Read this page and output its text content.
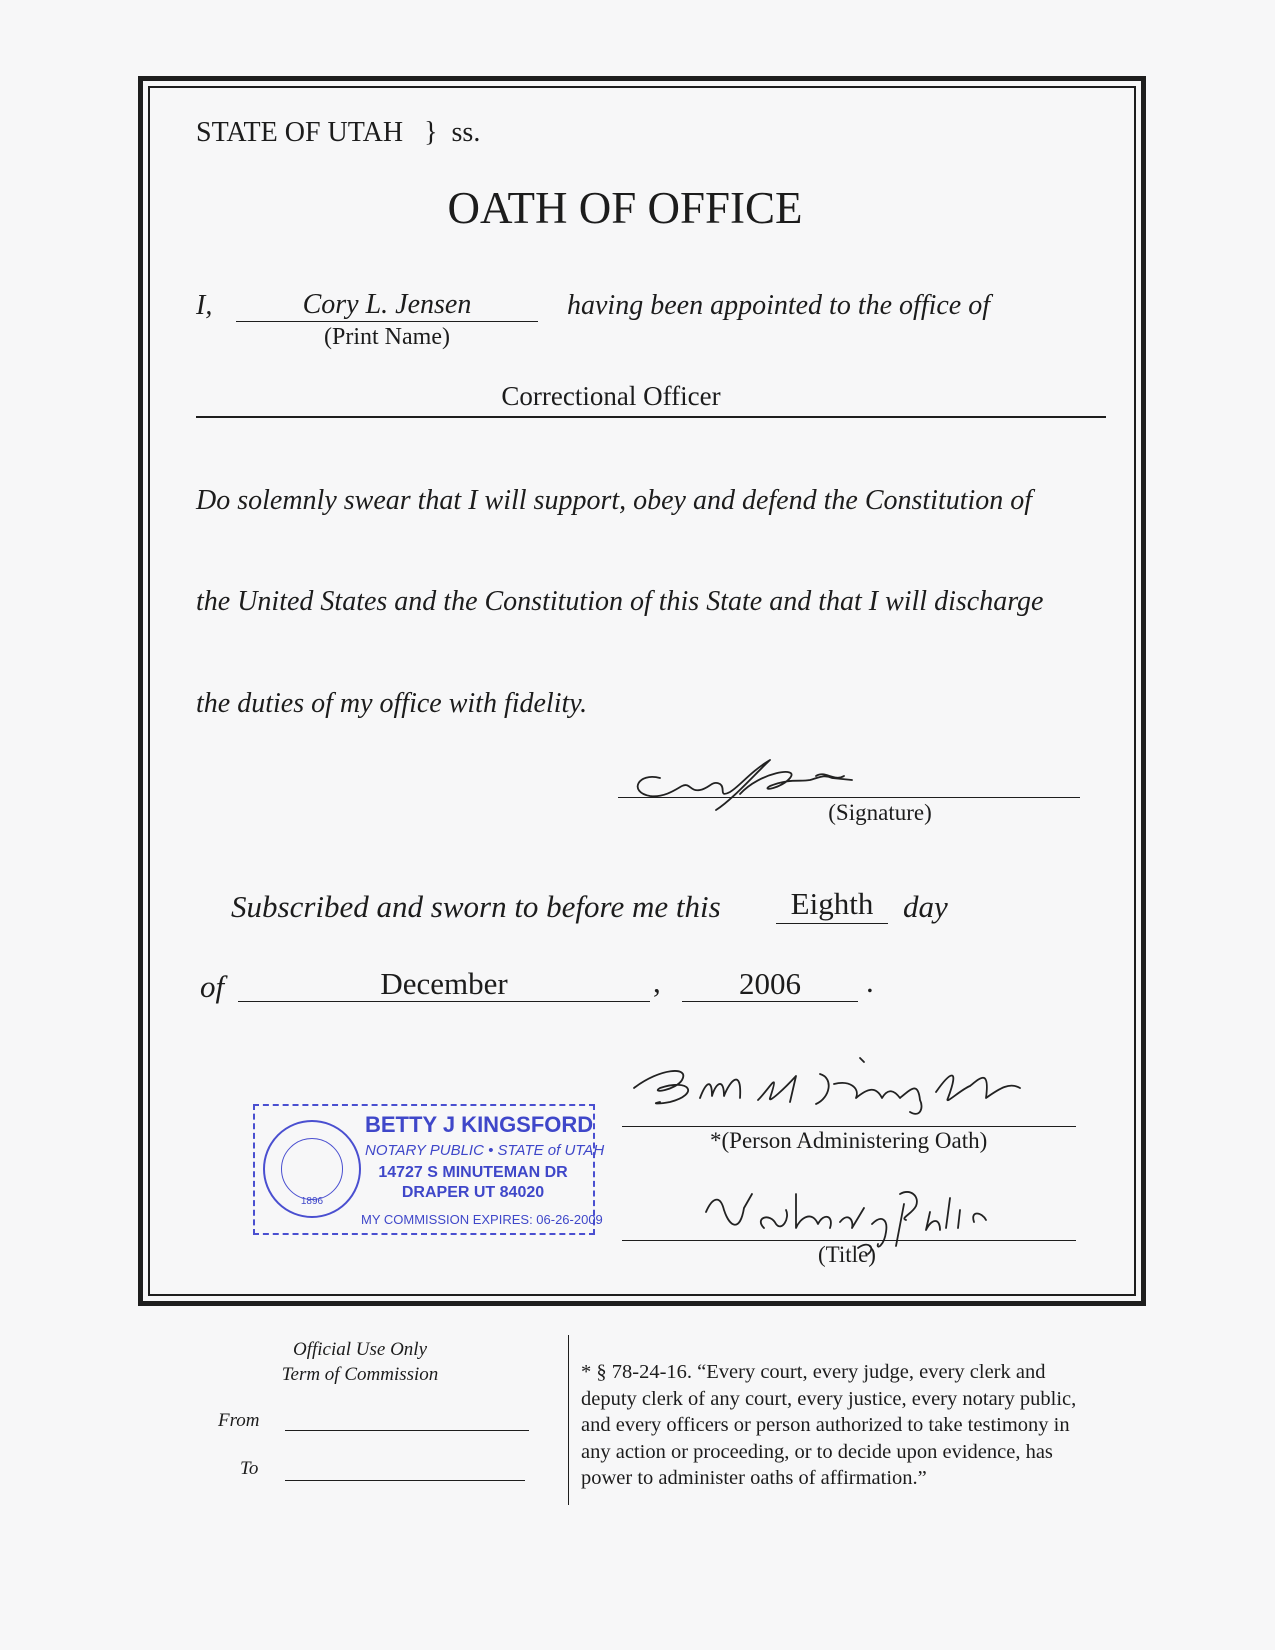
STATE OF UTAH } ss.
OATH OF OFFICE
I,	Cory L. Jensen
(Print Name)
having been appointed to the office of
Correctional Officer
Do solemnly swear that I will support, obey and defend the Constitution of
the United States and the Constitution of this State and that I will discharge
the duties of my office with fidelity.
(Signature)
Subscribed and sworn to before me this	Eighth day
of	December	,	2006	.
1896
BETTY J KINGSFORD
NOTARY PUBLIC • STATE of UTAH
14727 S MINUTEMAN DR
DRAPER UT 84020
MY COMMISSION EXPIRES: 06-26-2009
*(Person Administering Oath)
(Title)
Official Use Only
Term of Commission
From
To
* § 78-24-16. “Every court, every judge, every clerk and
deputy clerk of any court, every justice, every notary public,
and every officers or person authorized to take testimony in
any action or proceeding, or to decide upon evidence, has
power to administer oaths of affirmation.”
